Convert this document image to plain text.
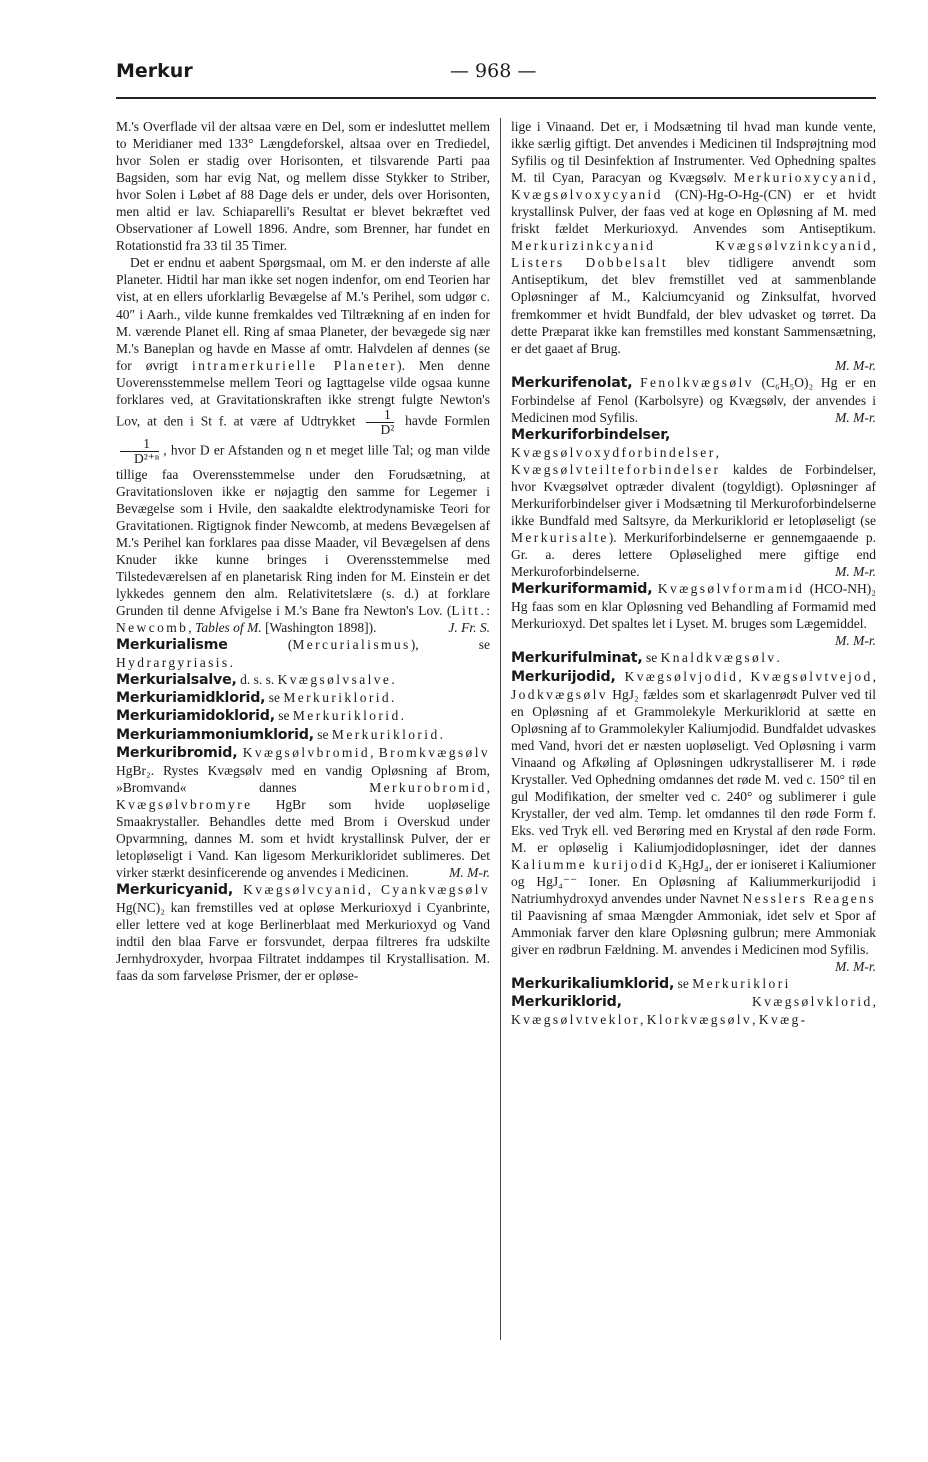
Merkur	— 968 —

M.'s Overflade vil der altsaa være en Del, som er indesluttet mellem to Meridianer med 133° Længdeforskel, altsaa over en Trediedel, hvor Solen er stadig over Horisonten, et tilsvarende Parti paa Bagsiden, som har evig Nat, og mellem disse Stykker to Striber, hvor Solen i Løbet af 88 Dage dels er under, dels over Horisonten, men altid er lav. Schiaparelli's Resultat er blevet bekræftet ved Observationer af Lowell 1896. Andre, som Brenner, har fundet en Rotationstid fra 33 til 35 Timer.

Det er endnu et aabent Spørgsmaal, om M. er den inderste af alle Planeter. Hidtil har man ikke set nogen indenfor, om end Teorien har vist, at en ellers uforklarlig Bevægelse af M.'s Perihel, som udgør c. 40″ i Aarh., vilde kunne fremkaldes ved Tiltrækning af en inden for M. værende Planet ell. Ring af smaa Planeter, der bevægede sig nær M.'s Baneplan og havde en Masse af omtr. Halvdelen af dennes (se for øvrigt intramerkurielle Planeter). Men denne Uoverensstemmelse mellem Teori og Iagttagelse vilde ogsaa kunne forklares ved, at Gravitationskraften ikke strengt fulgte Newton's Lov, at den i St f. at være af Udtrykket $\frac{1}{\text{D²}}$ havde Formlen
$\frac{1}{\text{D²⁺ⁿ}}$ , hvor D er Afstanden og n et meget lille Tal; og man vilde tillige faa Overensstemmelse under den Forudsætning, at Gravitationsloven ikke er nøjagtig den samme for Legemer i Bevægelse som i Hvile, den saakaldte elektrodynamiske Teori for Gravitationen. Rigtignok finder Newcomb, at medens Bevægelsen af M.'s Perihel kan forklares paa disse Maader, vil Bevægelsen af dens Knuder ikke kunne bringes i Overensstemmelse med Tilstedeværelsen af en planetarisk Ring inden for M. Einstein er det lykkedes gennem den alm. Relativitetslære (s. d.) at forklare Grunden til denne Afvigelse i M.'s Bane fra Newton's Lov. (Litt.: Newcomb, Tables of M. [Washington 1898]).	J. Fr. S.

Merkurialisme (Mercurialismus), se Hydrargyriasis.

Merkurialsalve, d. s. s. Kvægsølvsalve.

Merkuriamidklorid, se Merkuriklorid.

Merkuriamidoklorid, se Merkuriklorid.

Merkuriammoniumklorid, se Merkuriklorid.

Merkuribromid, Kvægsølvbromid, Bromkvægsølv HgBr₂. Rystes Kvægsølv med en vandig Opløsning af Brom, »Bromvand« dannes Merkurobromid, Kvægsølvbromyre HgBr som hvide uopløselige Smaakrystaller. Behandles dette med Brom i Overskud under Opvarmning, dannes M. som et hvidt krystallinsk Pulver, der er letopløseligt i Vand. Kan ligesom Merkurikloridet sublimeres. Det virker stærkt desinficerende og anvendes i Medicinen.	M. M-r.

Merkuricyanid, Kvægsølvcyanid, Cyankvægsølv Hg(NC)₂ kan fremstilles ved at opløse Merkurioxyd i Cyanbrinte, eller lettere ved at koge Berlinerblaat med Merkurioxyd og Vand indtil den blaa Farve er forsvundet, derpaa filtreres fra udskilte Jernhydroxyder, hvorpaa Filtratet inddampes til Krystallisation. M. faas da som farveløse Prismer, der er opløse-

lige i Vinaand. Det er, i Modsætning til hvad man kunde vente, ikke særlig giftigt. Det anvendes i Medicinen til Indsprøjtning mod Syfilis og til Desinfektion af Instrumenter. Ved Ophedning spaltes M. til Cyan, Paracyan og Kvægsølv. Merkurioxycyanid, Kvægsølvoxycyanid (CN)-Hg-O-Hg-(CN) er et hvidt krystallinsk Pulver, der faas ved at koge en Opløsning af M. med friskt fældet Merkurioxyd. Anvendes som Antiseptikum. Merkurizinkcyanid	Kvægsølvzinkcyanid, Listers Dobbelsalt blev tidligere anvendt som Antiseptikum, det blev fremstillet ved at sammenblande Opløsninger af M., Kalciumcyanid og Zinksulfat, hvorved fremkommer et hvidt Bundfald, der blev udvasket og tørret. Da dette Præparat ikke kan fremstilles med konstant Sammensætning, er det gaaet af Brug.
M. M-r.

Merkurifenolat, Fenolkvægsølv (C₆H₅O)₂ Hg er en Forbindelse af Fenol (Karbolsyre) og Kvægsølv, der anvendes i Medicinen mod Syfilis.	M. M-r.

Merkuriforbindelser, Kvægsølvoxydforbindelser, Kvægsølvteilteforbindelser kaldes de Forbindelser, hvor Kvægsølvet optræder divalent (togyldigt). Opløsninger af Merkuriforbindelser giver i Modsætning til Merkuroforbindelserne ikke Bundfald med Saltsyre, da Merkuriklorid er letopløseligt (se Merkurisalte). Merkuriforbindelserne er gennemgaaende p. Gr. a. deres lettere Opløselighed mere giftige end Merkuroforbindelserne.	M. M-r.

Merkuriformamid, Kvægsølvformamid (HCO-NH)₂ Hg faas som en klar Opløsning ved Behandling af Formamid med Merkurioxyd. Det spaltes let i Lyset. M. bruges som Lægemiddel.
M. M-r.

Merkurifulminat, se Knaldkvægsølv.

Merkurijodid, Kvægsølvjodid, Kvægsølvtvejod, Jodkvægsølv HgJ₂ fældes som et skarlagenrødt Pulver ved til en Opløsning af et Grammolekyle Merkuriklorid at sætte en Opløsning af to Grammolekyler Kaliumjodid. Bundfaldet udvaskes med Vand, hvori det er næsten uopløseligt. Ved Opløsning i varm Vinaand og Afkøling af Opløsningen udkrystalliserer M. i røde Krystaller. Ved Ophedning omdannes det røde M. ved c. 150° til en gul Modifikation, der smelter ved c. 240° og sublimerer i gule Krystaller, der ved alm. Temp. let omdannes til den røde Form f. Eks. ved Tryk ell. ved Berøring med en Krystal af den røde Form. M. er opløselig i Kaliumjodidopløsninger, idet der dannes Kaliumme kurijodid K₂HgJ₄, der er ioniseret i Kaliumioner og HgJ₄⁻⁻ Ioner. En Opløsning af Kaliummerkurijodid i Natriumhydroxyd anvendes under Navnet Nesslers Reagens til Paavisning af smaa Mængder Ammoniak, idet selv et Spor af Ammoniak farver den klare Opløsning gulbrun; mere Ammoniak giver en rødbrun Fældning. M. anvendes i Medicinen mod Syfilis.
M. M-r.

Merkurikaliumklorid, se Merkuriklori

Merkuriklorid,	Kvægsølvklorid, Kvægsølvtveklor, Klorkvægsølv, Kvæg-
